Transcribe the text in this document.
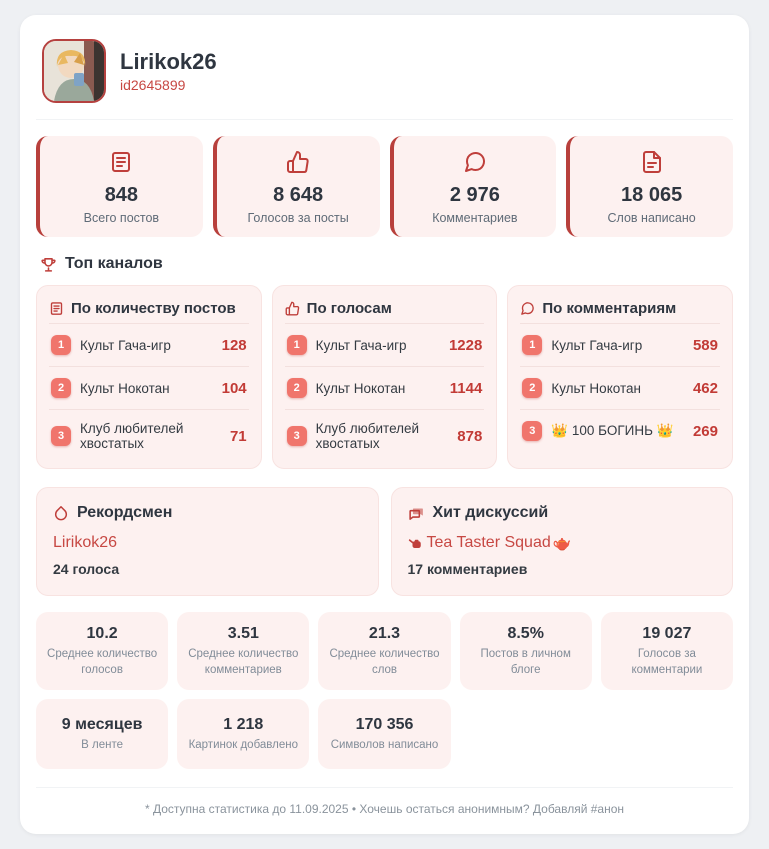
Lirikok26
id2645899
848
Всего постов
8 648
Голосов за посты
2 976
Комментариев
18 065
Слов написано
Топ каналов
По количеству постов
1	Культ Гача-игр	128
2	Культ Нокотан	104
3	Клуб любителей хвостатых	71
По голосам
1	Культ Гача-игр	1228
2	Культ Нокотан	1144
3	Клуб любителей хвостатых	878
По комментариям
1	Культ Гача-игр	589
2	Культ Нокотан	462
3	👑 100 БОГИНЬ 👑	269
Рекордсмен
Lirikok26
24 голоса
Хит дискуссий
Tea Taster Squad 🫖
17 комментариев
10.2
Среднее количество голосов
3.51
Среднее количество комментариев
21.3
Среднее количество слов
8.5%
Постов в личном блоге
19 027
Голосов за комментарии
9 месяцев
В ленте
1 218
Картинок добавлено
170 356
Символов написано
* Доступна статистика до 11.09.2025 • Хочешь остаться анонимным? Добавляй #анон
